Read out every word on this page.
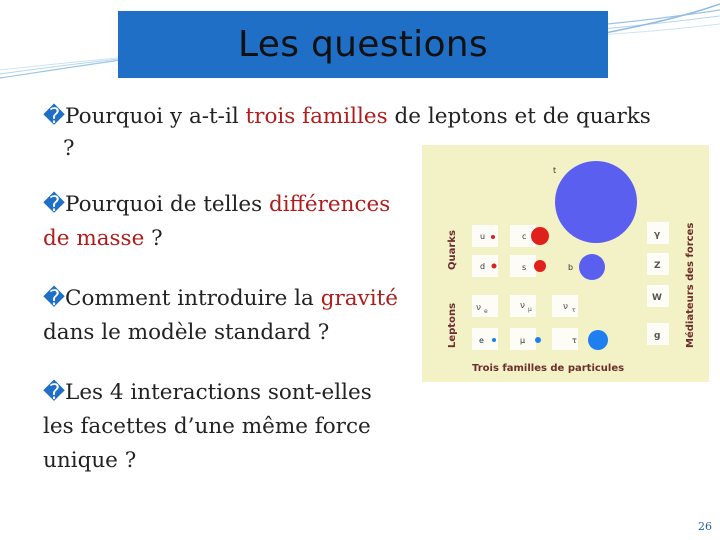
Les questions
�Pourquoi y a-t-il trois familles de leptons et de quarks
?
�Pourquoi de telles différences
de masse ?
�Comment introduire la gravité
dans le modèle standard ?
�Les 4 interactions sont-elles
les facettes d’une même force
unique ?
Quarks
Leptons	Médiateurs des forces
t
u	c
d	s	b
ν e
ν μ	ν τ
e	μ	τ
γ
Z
W
g
Trois familles de particules
26
